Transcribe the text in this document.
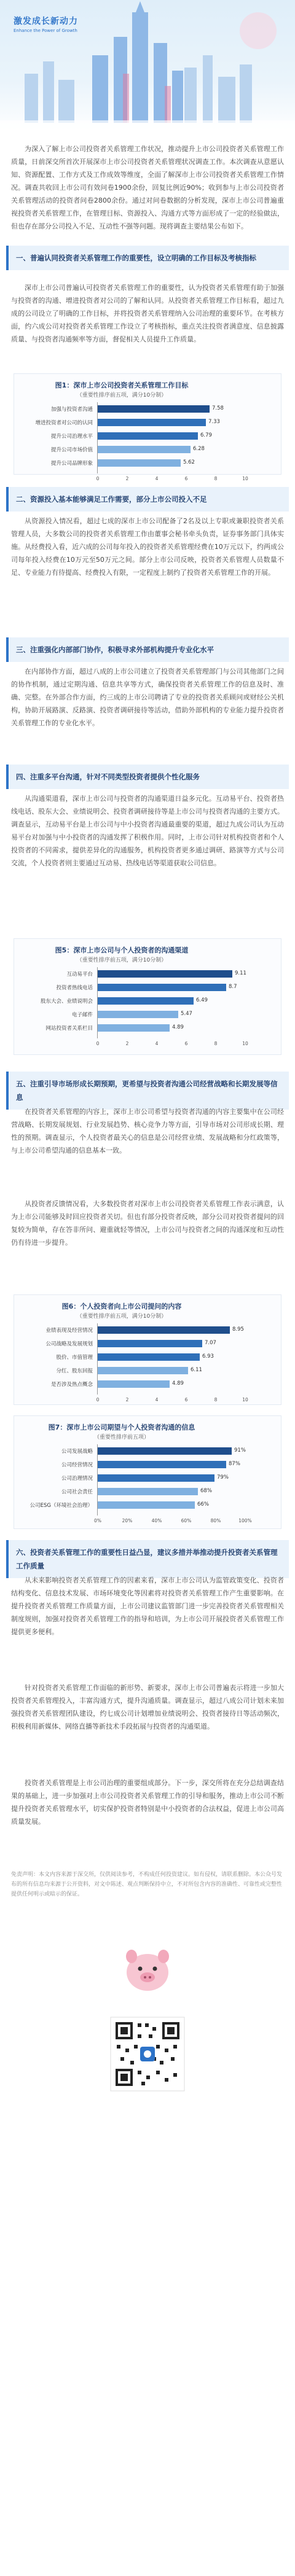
激发成长新动力
Enhance the Power of Growth
为深入了解上市公司投资者关系管理工作状况，推动提升上市公司投资者关系管理工作质量，日前深交所首次开展深市上市公司投资者关系管理状况调查工作。本次调查从意愿认知、资源配置、工作方式及工作成效等维度，全面了解深市上市公司投资者关系管理工作情况。调查共收回上市公司有效问卷1900余份，回复比例近90%；收到参与上市公司投资者关系管理活动的投资者问卷2800余份。通过对问卷数据的分析发现，深市上市公司普遍重视投资者关系管理工作，在管理目标、资源投入、沟通方式等方面形成了一定的经验做法，但也存在部分公司投入不足、互动性不强等问题。现将调查主要结果公布如下。
一、普遍认同投资者关系管理工作的重要性，设立明确的工作目标及考核指标
深市上市公司普遍认可投资者关系管理工作的重要性，认为投资者关系管理有助于加强与投资者的沟通、增进投资者对公司的了解和认同。从投资者关系管理工作目标看，超过九成的公司设立了明确的工作目标，并将投资者关系管理纳入公司治理的重要环节。在考核方面，约六成公司对投资者关系管理工作设立了考核指标，重点关注投资者满意度、信息披露质量、与投资者沟通频率等方面，督促相关人员提升工作质量。
图1：深市上市公司投资者关系管理工作目标
（重要性排序前五项，满分10分制）
加强与投资者沟通	7.58
增进投资者对公司的认同	7.33
提升公司治理水平	6.79
提升公司市场价值	6.28
提升公司品牌形象	5.62
0	2	4	6	8	10
二、资源投入基本能够满足工作需要，部分上市公司投入不足
从资源投入情况看，超过七成的深市上市公司配备了2名及以上专职或兼职投资者关系管理人员，大多数公司的投资者关系管理工作由董事会秘书牵头负责，证券事务部门具体实施。从经费投入看，近六成的公司每年投入的投资者关系管理经费在10万元以下，约两成公司每年投入经费在10万元至50万元之间。部分上市公司反映，投资者关系管理人员数量不足、专业能力有待提高、经费投入有限，一定程度上制约了投资者关系管理工作的开展。
三、注重强化内部部门协作，积极寻求外部机构提升专业化水平
在内部协作方面，超过八成的上市公司建立了投资者关系管理部门与公司其他部门之间的协作机制，通过定期沟通、信息共享等方式，确保投资者关系管理工作的信息及时、准确、完整。在外部合作方面，约三成的上市公司聘请了专业的投资者关系顾问或财经公关机构，协助开展路演、反路演、投资者调研接待等活动，借助外部机构的专业能力提升投资者关系管理工作的专业化水平。
四、注重多平台沟通，针对不同类型投资者提供个性化服务
从沟通渠道看，深市上市公司与投资者的沟通渠道日益多元化。互动易平台、投资者热线电话、股东大会、业绩说明会、投资者调研接待等是上市公司与投资者沟通的主要方式。调查显示，互动易平台是上市公司与中小投资者沟通最重要的渠道，超过九成公司认为互动易平台对加强与中小投资者的沟通发挥了积极作用。同时，上市公司针对机构投资者和个人投资者的不同需求，提供差异化的沟通服务，机构投资者更多通过调研、路演等方式与公司交流，个人投资者则主要通过互动易、热线电话等渠道获取公司信息。
图5：深市上市公司与个人投资者的沟通渠道
（重要性排序前五项，满分10分制）
互动易平台	9.11
投资者热线电话	8.7
股东大会、业绩说明会	6.49
电子邮件	5.47
网站投资者关系栏目	4.89
0	2	4	6	8	10
五、注重引导市场形成长期预期，更希望与投资者沟通公司经营战略和长期发展等信息
在投资者关系管理的内容上，深市上市公司希望与投资者沟通的内容主要集中在公司经营战略、长期发展规划、行业发展趋势、核心竞争力等方面，引导市场对公司形成长期、理性的预期。调查显示，个人投资者最关心的信息是公司经营业绩、发展战略和分红政策等，与上市公司希望沟通的信息基本一致。
从投资者反馈情况看，大多数投资者对深市上市公司投资者关系管理工作表示满意，认为上市公司能够及时回应投资者关切。但也有部分投资者反映，部分公司对投资者提问的回复较为简单，存在答非所问、避重就轻等情况，上市公司与投资者之间的沟通深度和互动性仍有待进一步提升。
图6：个人投资者向上市公司提问的内容
（重要性排序前五项，满分10分制）
业绩表现及经营情况	8.95
公司战略及发展规划	7.07
股价、市值管理	6.93
分红、股东回报	6.11
是否涉及热点概念	4.89
0	2	4	6	8	10
图7：深市上市公司期望与个人投资者沟通的信息
（重要性排序前五项）
公司发展战略	91%
公司经营情况	87%
公司治理情况	79%
公司社会责任	68%
公司ESG（环境社会治理）	66%
0%	20%	40%	60%	80%	100%
六、投资者关系管理工作的重要性日益凸显，建议多措并举推动提升投资者关系管理工作质量
从未来影响投资者关系管理工作的因素来看，深市上市公司认为监管政策变化、投资者结构变化、信息技术发展、市场环境变化等因素将对投资者关系管理工作产生重要影响。在提升投资者关系管理工作质量方面，上市公司建议监管部门进一步完善投资者关系管理相关制度规则，加强对投资者关系管理工作的指导和培训，为上市公司开展投资者关系管理工作提供更多便利。
针对投资者关系管理工作面临的新形势、新要求，深市上市公司普遍表示将进一步加大投资者关系管理投入，丰富沟通方式，提升沟通质量。调查显示，超过八成公司计划未来加强投资者关系管理团队建设，约七成公司计划增加业绩说明会、投资者接待日等活动频次，积极利用新媒体、网络直播等新技术手段拓展与投资者的沟通渠道。
投资者关系管理是上市公司治理的重要组成部分。下一步，深交所将在充分总结调查结果的基础上，进一步加强对上市公司投资者关系管理工作的引导和服务，推动上市公司不断提升投资者关系管理水平，切实保护投资者特别是中小投资者的合法权益，促进上市公司高质量发展。
免责声明：本文内容来源于深交所，仅供阅读参考，不构成任何投资建议。如有侵权，请联系删除。本公众号发布的所有信息均来源于公开资料，对文中陈述、观点判断保持中立，不对所包含内容的准确性、可靠性或完整性提供任何明示或暗示的保证。
